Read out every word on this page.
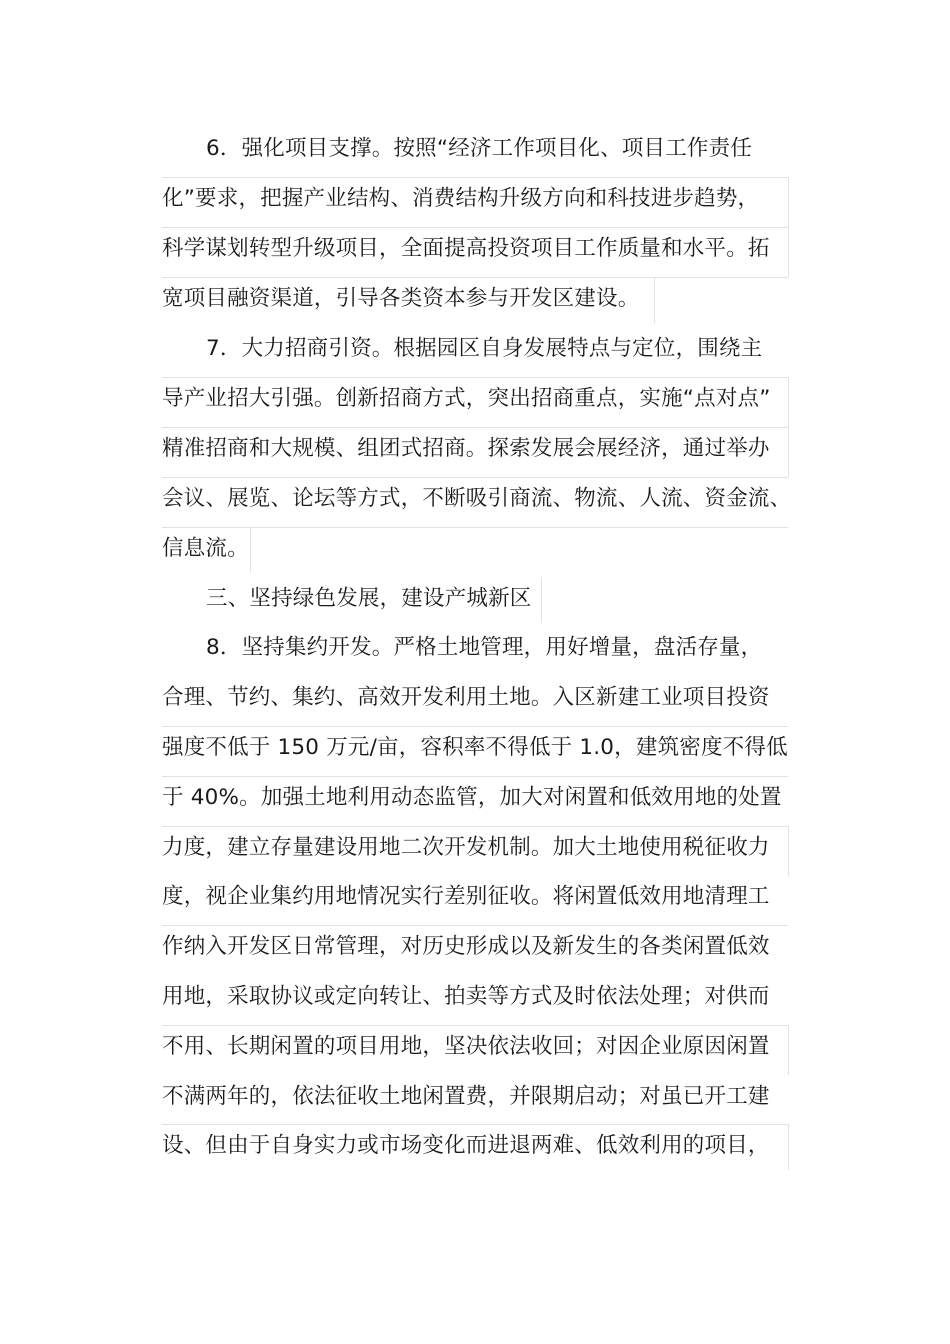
6．强化项目支撑。按照“经济工作项目化、项目工作责任
化”要求，把握产业结构、消费结构升级方向和科技进步趋势，
科学谋划转型升级项目，全面提高投资项目工作质量和水平。拓
宽项目融资渠道，引导各类资本参与开发区建设。
7．大力招商引资。根据园区自身发展特点与定位，围绕主
导产业招大引强。创新招商方式，突出招商重点，实施“点对点”
精准招商和大规模、组团式招商。探索发展会展经济，通过举办
会议、展览、论坛等方式，不断吸引商流、物流、人流、资金流、
信息流。
三、坚持绿色发展，建设产城新区
8．坚持集约开发。严格土地管理，用好增量，盘活存量，
合理、节约、集约、高效开发利用土地。入区新建工业项目投资
强度不低于 150 万元/亩，容积率不得低于 1.0，建筑密度不得低
于 40%。加强土地利用动态监管，加大对闲置和低效用地的处置
力度，建立存量建设用地二次开发机制。加大土地使用税征收力
度，视企业集约用地情况实行差别征收。将闲置低效用地清理工
作纳入开发区日常管理，对历史形成以及新发生的各类闲置低效
用地，采取协议或定向转让、拍卖等方式及时依法处理；对供而
不用、长期闲置的项目用地，坚决依法收回；对因企业原因闲置
不满两年的，依法征收土地闲置费，并限期启动；对虽已开工建
设、但由于自身实力或市场变化而进退两难、低效利用的项目，
